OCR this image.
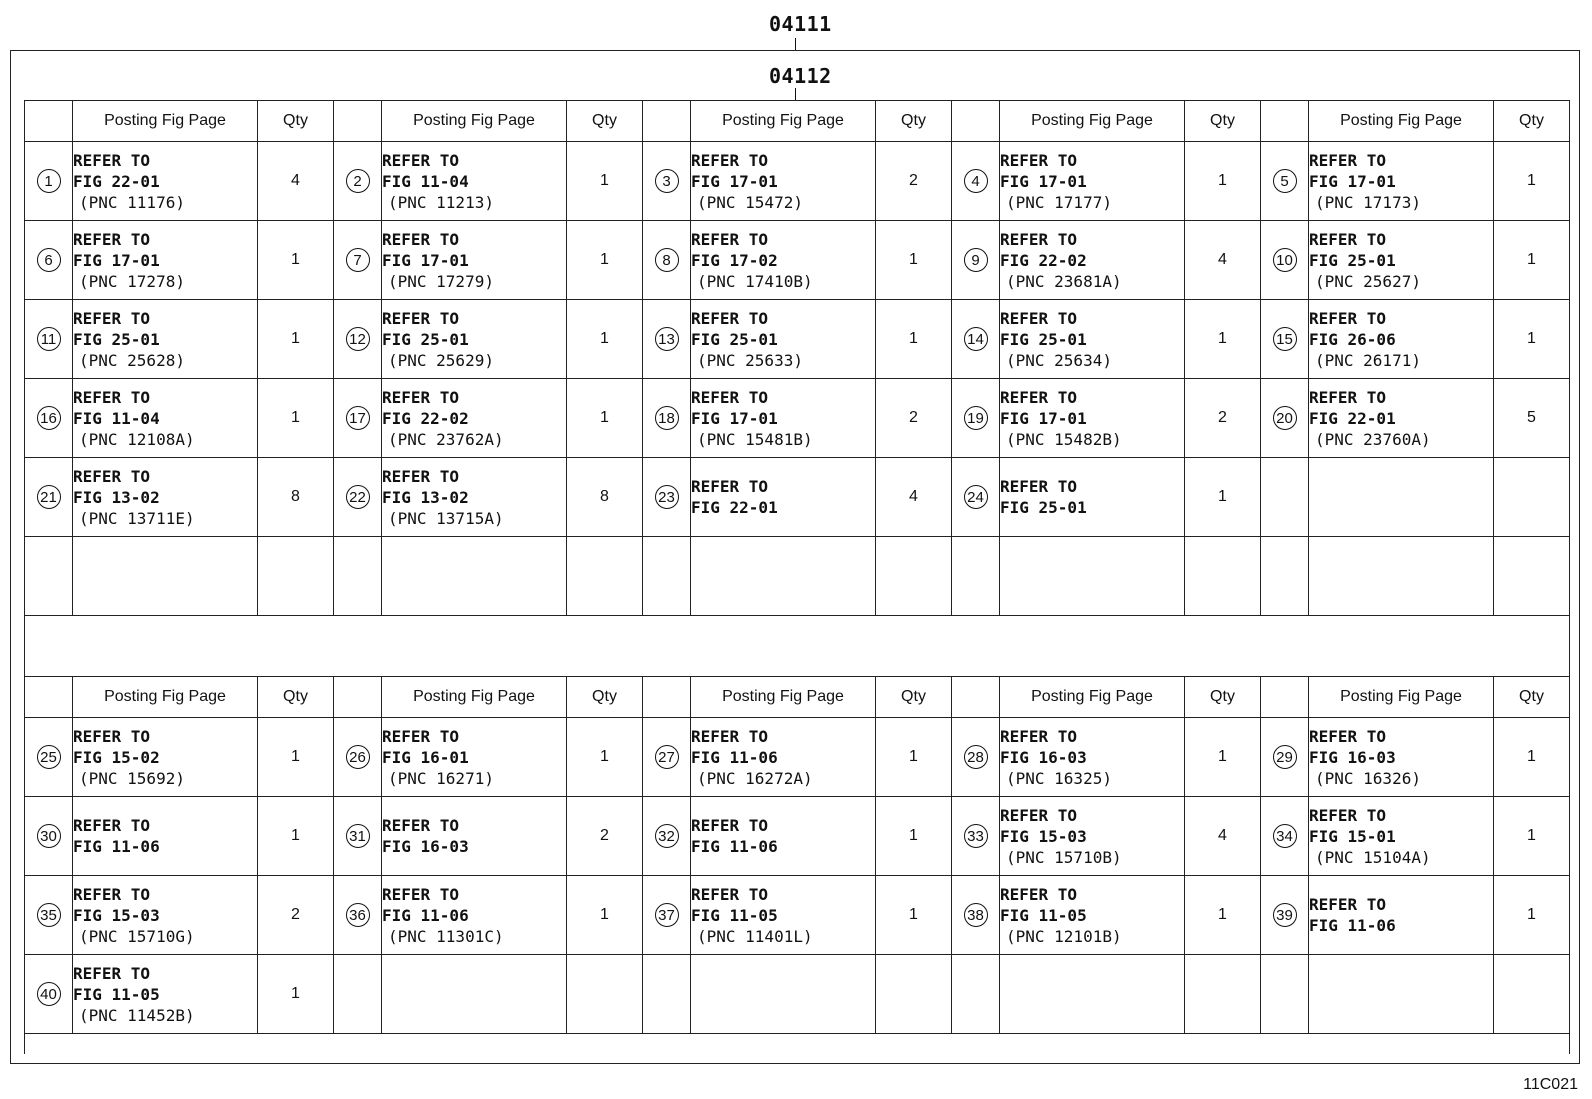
04111
04112
	Posting Fig Page	Qty		Posting Fig Page	Qty		Posting Fig Page	Qty		Posting Fig Page	Qty		Posting Fig Page	Qty
1	REFER TO
FIG 22-01
(PNC 11176)	4	2	REFER TO
FIG 11-04
(PNC 11213)	1	3	REFER TO
FIG 17-01
(PNC 15472)	2	4	REFER TO
FIG 17-01
(PNC 17177)	1	5	REFER TO
FIG 17-01
(PNC 17173)	1
6	REFER TO
FIG 17-01
(PNC 17278)	1	7	REFER TO
FIG 17-01
(PNC 17279)	1	8	REFER TO
FIG 17-02
(PNC 17410B)	1	9	REFER TO
FIG 22-02
(PNC 23681A)	4	10	REFER TO
FIG 25-01
(PNC 25627)	1
11	REFER TO
FIG 25-01
(PNC 25628)	1	12	REFER TO
FIG 25-01
(PNC 25629)	1	13	REFER TO
FIG 25-01
(PNC 25633)	1	14	REFER TO
FIG 25-01
(PNC 25634)	1	15	REFER TO
FIG 26-06
(PNC 26171)	1
16	REFER TO
FIG 11-04
(PNC 12108A)	1	17	REFER TO
FIG 22-02
(PNC 23762A)	1	18	REFER TO
FIG 17-01
(PNC 15481B)	2	19	REFER TO
FIG 17-01
(PNC 15482B)	2	20	REFER TO
FIG 22-01
(PNC 23760A)	5
21	REFER TO
FIG 13-02
(PNC 13711E)	8	22	REFER TO
FIG 13-02
(PNC 13715A)	8	23	REFER TO
FIG 22-01	4	24	REFER TO
FIG 25-01	1			

	Posting Fig Page	Qty		Posting Fig Page	Qty		Posting Fig Page	Qty		Posting Fig Page	Qty		Posting Fig Page	Qty
25	REFER TO
FIG 15-02
(PNC 15692)	1	26	REFER TO
FIG 16-01
(PNC 16271)	1	27	REFER TO
FIG 11-06
(PNC 16272A)	1	28	REFER TO
FIG 16-03
(PNC 16325)	1	29	REFER TO
FIG 16-03
(PNC 16326)	1
30	REFER TO
FIG 11-06	1	31	REFER TO
FIG 16-03	2	32	REFER TO
FIG 11-06	1	33	REFER TO
FIG 15-03
(PNC 15710B)	4	34	REFER TO
FIG 15-01
(PNC 15104A)	1
35	REFER TO
FIG 15-03
(PNC 15710G)	2	36	REFER TO
FIG 11-06
(PNC 11301C)	1	37	REFER TO
FIG 11-05
(PNC 11401L)	1	38	REFER TO
FIG 11-05
(PNC 12101B)	1	39	REFER TO
FIG 11-06	1
40	REFER TO
FIG 11-05
(PNC 11452B)	1												
11C021
